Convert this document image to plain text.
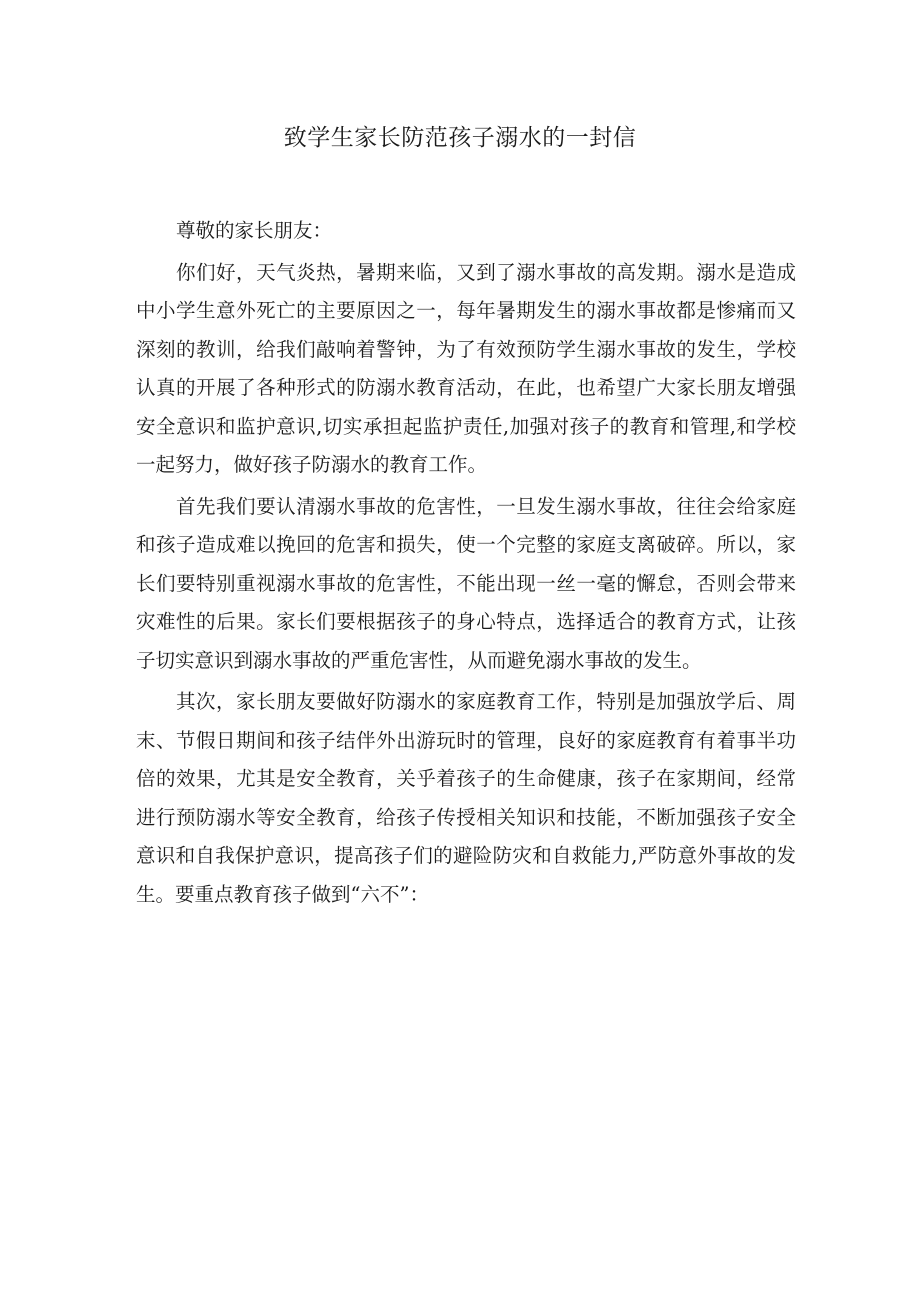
致学生家长防范孩子溺水的一封信

尊敬的家长朋友：

你们好，天气炎热，暑期来临，又到了溺水事故的高发期。溺水是造成中小学生意外死亡的主要原因之一，每年暑期发生的溺水事故都是惨痛而又深刻的教训，给我们敲响着警钟，为了有效预防学生溺水事故的发生，学校认真的开展了各种形式的防溺水教育活动，在此，也希望广大家长朋友增强安全意识和监护意识,切实承担起监护责任,加强对孩子的教育和管理,和学校一起努力，做好孩子防溺水的教育工作。

首先我们要认清溺水事故的危害性，一旦发生溺水事故，往往会给家庭和孩子造成难以挽回的危害和损失，使一个完整的家庭支离破碎。所以，家长们要特别重视溺水事故的危害性，不能出现一丝一毫的懈怠，否则会带来灾难性的后果。家长们要根据孩子的身心特点，选择适合的教育方式，让孩子切实意识到溺水事故的严重危害性，从而避免溺水事故的发生。

其次，家长朋友要做好防溺水的家庭教育工作，特别是加强放学后、周末、节假日期间和孩子结伴外出游玩时的管理，良好的家庭教育有着事半功倍的效果，尤其是安全教育，关乎着孩子的生命健康，孩子在家期间，经常进行预防溺水等安全教育，给孩子传授相关知识和技能，不断加强孩子安全意识和自我保护意识，提高孩子们的避险防灾和自救能力,严防意外事故的发生。要重点教育孩子做到“六不”：
